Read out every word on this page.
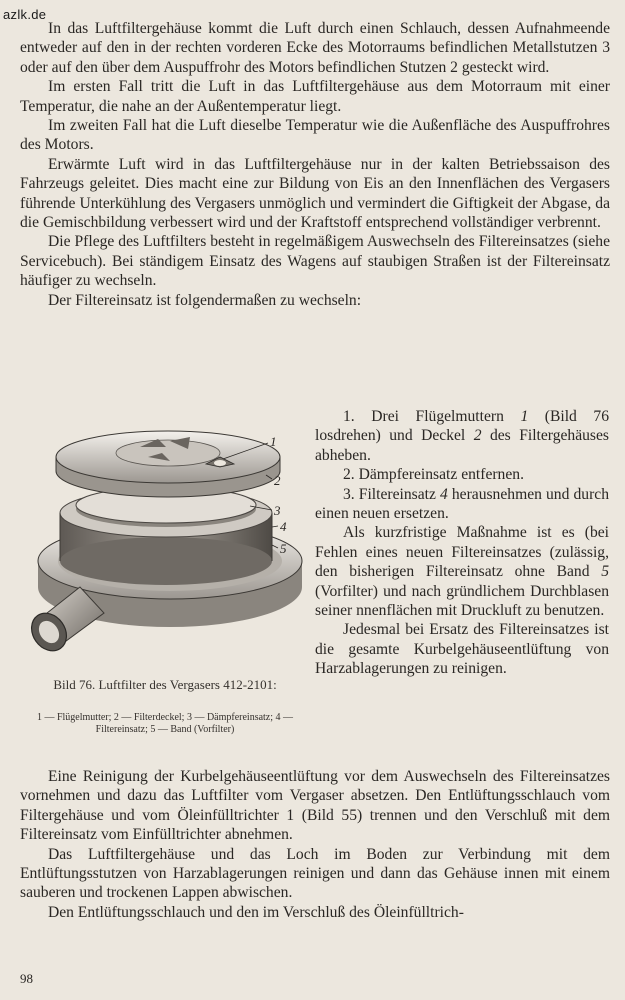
azlk.de

In das Luftfiltergehäuse kommt die Luft durch einen Schlauch, dessen Aufnahmeende entweder auf den in der rechten vorderen Ecke des Motorraums befindlichen Metallstutzen 3 oder auf den über dem Auspuffrohr des Motors befindlichen Stutzen 2 gesteckt wird.

Im ersten Fall tritt die Luft in das Luftfiltergehäuse aus dem Motorraum mit einer Temperatur, die nahe an der Außentemperatur liegt.

Im zweiten Fall hat die Luft dieselbe Temperatur wie die Außenfläche des Auspuffrohres des Motors.

Erwärmte Luft wird in das Luftfiltergehäuse nur in der kalten Betriebssaison des Fahrzeugs geleitet. Dies macht eine zur Bildung von Eis an den Innenflächen des Vergasers führende Unterkühlung des Vergasers unmöglich und vermindert die Giftigkeit der Abgase, da die Gemischbildung verbessert wird und der Kraftstoff entsprechend vollständiger verbrennt.

Die Pflege des Luftfilters besteht in regelmäßigem Auswechseln des Filtereinsatzes (siehe Servicebuch). Bei ständigem Einsatz des Wagens auf staubigen Straßen ist der Filtereinsatz häufiger zu wechseln.

Der Filtereinsatz ist folgendermaßen zu wechseln:

1
2
3
4
5
Bild 76. Luftfilter des Vergasers 412-2101:
1 — Flügelmutter; 2 — Filterdeckel; 3 — Dämpfereinsatz; 4 — Filtereinsatz; 5 — Band (Vorfilter)

1. Drei Flügelmuttern 1 (Bild 76 losdrehen) und Deckel 2 des Filtergehäuses abheben.

2. Dämpfereinsatz entfernen.

3. Filtereinsatz 4 herausnehmen und durch einen neuen ersetzen.

Als kurzfristige Maßnahme ist es (bei Fehlen eines neuen Filtereinsatzes (zulässig, den bisherigen Filtereinsatz ohne Band 5 (Vorfilter) und nach gründlichem Durchblasen seiner nnenflächen mit Druckluft zu benutzen.

Jedesmal bei Ersatz des Filtereinsatzes ist die gesamte Kurbelgehäuseentlüftung von Harzablagerungen zu reinigen.

Eine Reinigung der Kurbelgehäuseentlüftung vor dem Auswechseln des Filtereinsatzes vornehmen und dazu das Luftfilter vom Vergaser absetzen. Den Entlüftungsschlauch vom Filtergehäuse und vom Öleinfülltrichter 1 (Bild 55) trennen und den Verschluß mit dem Filtereinsatz vom Einfülltrichter abnehmen.

Das Luftfiltergehäuse und das Loch im Boden zur Verbindung mit dem Entlüftungsstutzen von Harzablagerungen reinigen und dann das Gehäuse innen mit einem sauberen und trockenen Lappen abwischen.

Den Entlüftungsschlauch und den im Verschluß des Öleinfülltrich-

98
